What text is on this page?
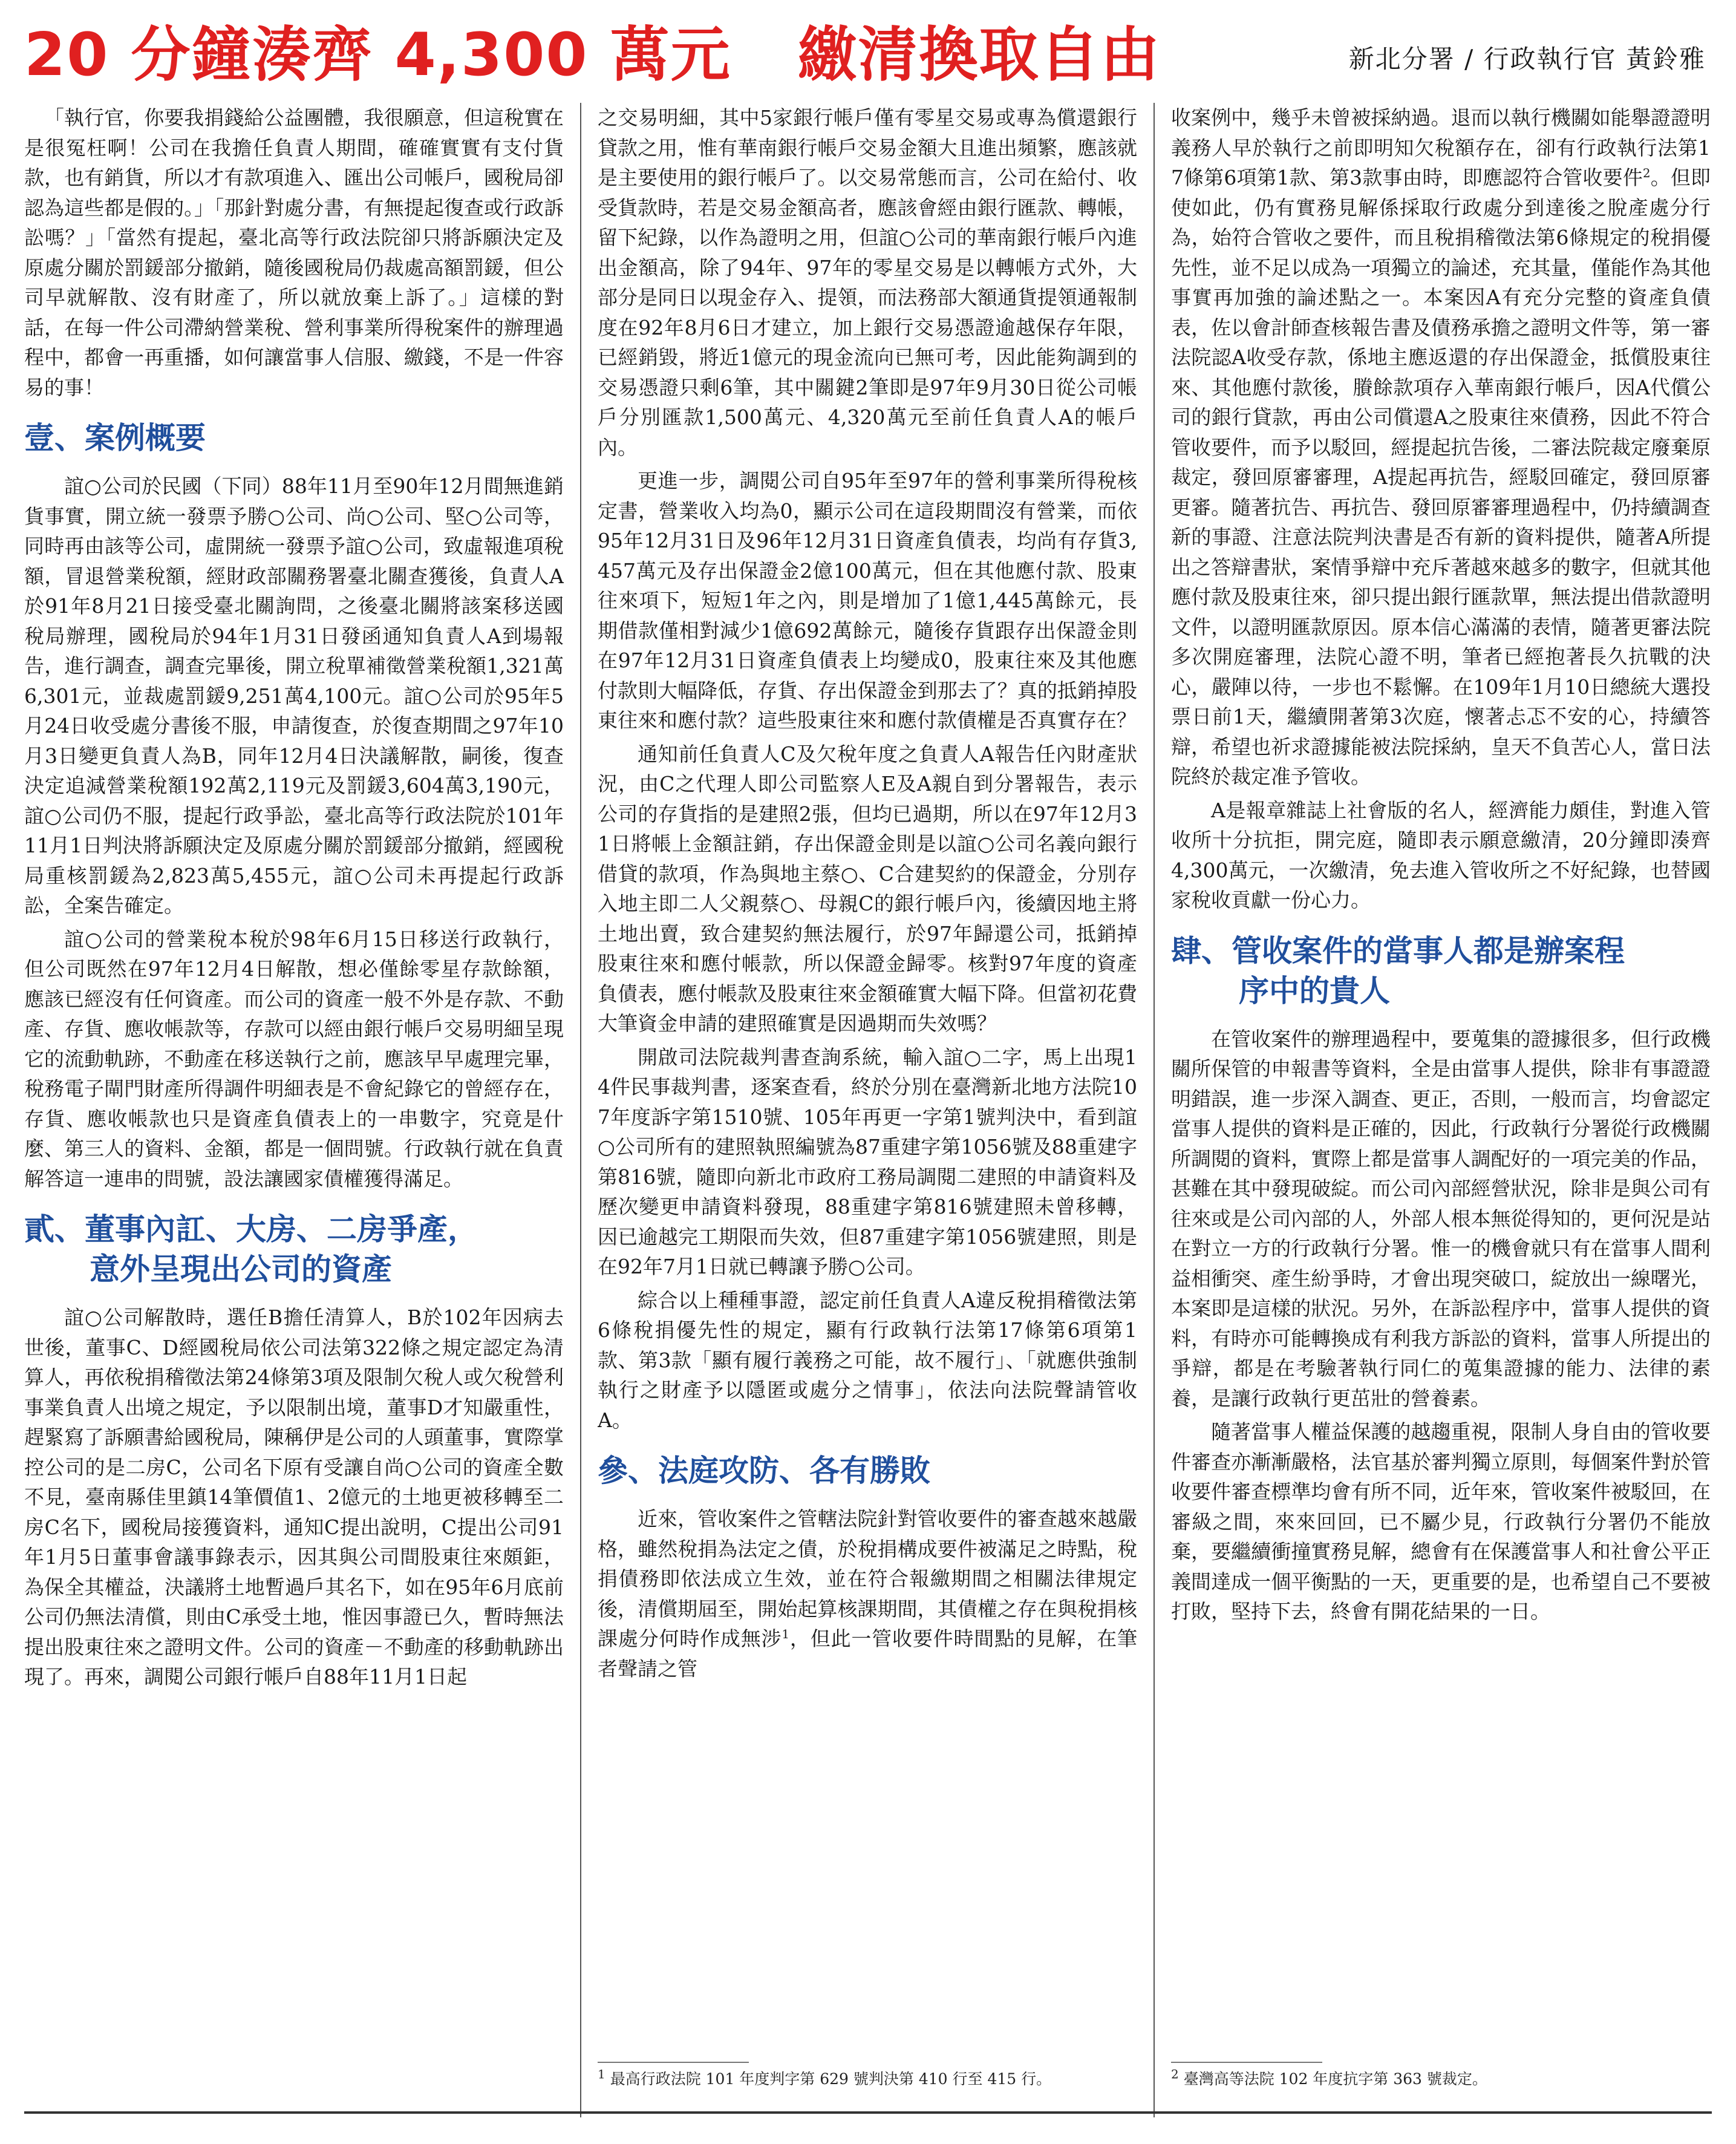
20 分鐘湊齊 4,300 萬元 繳清換取自由	新北分署 / 行政執行官 黃鈴雅

「執行官，你要我捐錢給公益團體，我很願意，但這稅實在是很冤枉啊！公司在我擔任負責人期間，確確實實有支付貨款，也有銷貨，所以才有款項進入、匯出公司帳戶，國稅局卻認為這些都是假的。」「那針對處分書，有無提起復查或行政訴訟嗎？」「當然有提起，臺北高等行政法院卻只將訴願決定及原處分關於罰鍰部分撤銷，隨後國稅局仍裁處高額罰鍰，但公司早就解散、沒有財產了，所以就放棄上訴了。」這樣的對話，在每一件公司滯納營業稅、營利事業所得稅案件的辦理過程中，都會一再重播，如何讓當事人信服、繳錢，不是一件容易的事！

壹、案例概要

誼○公司於民國（下同）88年11月至90年12月間無進銷貨事實，開立統一發票予勝○公司、尚○公司、堅○公司等，同時再由該等公司，虛開統一發票予誼○公司，致虛報進項稅額，冒退營業稅額，經財政部關務署臺北關查獲後，負責人A於91年8月21日接受臺北關詢問，之後臺北關將該案移送國稅局辦理，國稅局於94年1月31日發函通知負責人A到場報告，進行調查，調查完畢後，開立稅單補徵營業稅額1,321萬6,301元，並裁處罰鍰9,251萬4,100元。誼○公司於95年5月24日收受處分書後不服，申請復查，於復查期間之97年10月3日變更負責人為B，同年12月4日決議解散，嗣後，復查決定追減營業稅額192萬2,119元及罰鍰3,604萬3,190元，誼○公司仍不服，提起行政爭訟，臺北高等行政法院於101年11月1日判決將訴願決定及原處分關於罰鍰部分撤銷，經國稅局重核罰鍰為2,823萬5,455元，誼○公司未再提起行政訴訟，全案告確定。

誼○公司的營業稅本稅於98年6月15日移送行政執行，但公司既然在97年12月4日解散，想必僅餘零星存款餘額，應該已經沒有任何資產。而公司的資產一般不外是存款、不動產、存貨、應收帳款等，存款可以經由銀行帳戶交易明細呈現它的流動軌跡，不動產在移送執行之前，應該早早處理完畢，稅務電子閘門財產所得調件明細表是不會紀錄它的曾經存在，存貨、應收帳款也只是資產負債表上的一串數字，究竟是什麼、第三人的資料、金額，都是一個問號。行政執行就在負責解答這一連串的問號，設法讓國家債權獲得滿足。

貳、董事內訌、大房、二房爭產，
意外呈現出公司的資產

誼○公司解散時，選任B擔任清算人，B於102年因病去世後，董事C、D經國稅局依公司法第322條之規定認定為清算人，再依稅捐稽徵法第24條第3項及限制欠稅人或欠稅營利事業負責人出境之規定，予以限制出境，董事D才知嚴重性，趕緊寫了訴願書給國稅局，陳稱伊是公司的人頭董事，實際掌控公司的是二房C，公司名下原有受讓自尚○公司的資產全數不見，臺南縣佳里鎮14筆價值1、2億元的土地更被移轉至二房C名下，國稅局接獲資料，通知C提出說明，C提出公司91年1月5日董事會議事錄表示，因其與公司間股東往來頗鉅，為保全其權益，決議將土地暫過戶其名下，如在95年6月底前公司仍無法清償，則由C承受土地，惟因事證已久，暫時無法提出股東往來之證明文件。公司的資產－不動產的移動軌跡出現了。再來，調閱公司銀行帳戶自88年11月1日起

之交易明細，其中5家銀行帳戶僅有零星交易或專為償還銀行貸款之用，惟有華南銀行帳戶交易金額大且進出頻繁，應該就是主要使用的銀行帳戶了。以交易常態而言，公司在給付、收受貨款時，若是交易金額高者，應該會經由銀行匯款、轉帳，留下紀錄，以作為證明之用，但誼○公司的華南銀行帳戶內進出金額高，除了94年、97年的零星交易是以轉帳方式外，大部分是同日以現金存入、提領，而法務部大額通貨提領通報制度在92年8月6日才建立，加上銀行交易憑證逾越保存年限，已經銷毀，將近1億元的現金流向已無可考，因此能夠調到的交易憑證只剩6筆，其中關鍵2筆即是97年9月30日從公司帳戶分別匯款1,500萬元、4,320萬元至前任負責人A的帳戶內。

更進一步，調閱公司自95年至97年的營利事業所得稅核定書，營業收入均為0，顯示公司在這段期間沒有營業，而依95年12月31日及96年12月31日資產負債表，均尚有存貨3,457萬元及存出保證金2億100萬元，但在其他應付款、股東往來項下，短短1年之內，則是增加了1億1,445萬餘元，長期借款僅相對減少1億692萬餘元，隨後存貨跟存出保證金則在97年12月31日資產負債表上均變成0，股東往來及其他應付款則大幅降低，存貨、存出保證金到那去了？真的抵銷掉股東往來和應付款？這些股東往來和應付款債權是否真實存在？

通知前任負責人C及欠稅年度之負責人A報告任內財產狀況，由C之代理人即公司監察人E及A親自到分署報告，表示公司的存貨指的是建照2張，但均已過期，所以在97年12月31日將帳上金額註銷，存出保證金則是以誼○公司名義向銀行借貸的款項，作為與地主蔡○、C合建契約的保證金，分別存入地主即二人父親蔡○、母親C的銀行帳戶內，後續因地主將土地出賣，致合建契約無法履行，於97年歸還公司，抵銷掉股東往來和應付帳款，所以保證金歸零。核對97年度的資產負債表，應付帳款及股東往來金額確實大幅下降。但當初花費大筆資金申請的建照確實是因過期而失效嗎？

開啟司法院裁判書查詢系統，輸入誼○二字，馬上出現14件民事裁判書，逐案查看，終於分別在臺灣新北地方法院107年度訴字第1510號、105年再更一字第1號判決中，看到誼○公司所有的建照執照編號為87重建字第1056號及88重建字第816號，隨即向新北市政府工務局調閱二建照的申請資料及歷次變更申請資料發現，88重建字第816號建照未曾移轉，因已逾越完工期限而失效，但87重建字第1056號建照，則是在92年7月1日就已轉讓予勝○公司。

綜合以上種種事證，認定前任負責人A違反稅捐稽徵法第6條稅捐優先性的規定，顯有行政執行法第17條第6項第1款、第3款「顯有履行義務之可能，故不履行」、「就應供強制執行之財產予以隱匿或處分之情事」，依法向法院聲請管收A。

參、法庭攻防、各有勝敗

近來，管收案件之管轄法院針對管收要件的審查越來越嚴格，雖然稅捐為法定之債，於稅捐構成要件被滿足之時點，稅捐債務即依法成立生效，並在符合報繳期間之相關法律規定後，清償期屆至，開始起算核課期間，其債權之存在與稅捐核課處分何時作成無涉$^1$，但此一管收要件時間點的見解，在筆者聲請之管

收案例中，幾乎未曾被採納過。退而以執行機關如能舉證證明義務人早於執行之前即明知欠稅額存在，卻有行政執行法第17條第6項第1款、第3款事由時，即應認符合管收要件$^2$。但即使如此，仍有實務見解係採取行政處分到達後之脫產處分行為，始符合管收之要件，而且稅捐稽徵法第6條規定的稅捐優先性，並不足以成為一項獨立的論述，充其量，僅能作為其他事實再加強的論述點之一。本案因A有充分完整的資產負債表，佐以會計師查核報告書及債務承擔之證明文件等，第一審法院認A收受存款，係地主應返還的存出保證金，抵償股東往來、其他應付款後，賸餘款項存入華南銀行帳戶，因A代償公司的銀行貸款，再由公司償還A之股東往來債務，因此不符合管收要件，而予以駁回，經提起抗告後，二審法院裁定廢棄原裁定，發回原審審理，A提起再抗告，經駁回確定，發回原審更審。隨著抗告、再抗告、發回原審審理過程中，仍持續調查新的事證、注意法院判決書是否有新的資料提供，隨著A所提出之答辯書狀，案情爭辯中充斥著越來越多的數字，但就其他應付款及股東往來，卻只提出銀行匯款單，無法提出借款證明文件，以證明匯款原因。原本信心滿滿的表情，隨著更審法院多次開庭審理，法院心證不明，筆者已經抱著長久抗戰的決心，嚴陣以待，一步也不鬆懈。在109年1月10日總統大選投票日前1天，繼續開著第3次庭，懷著忐忑不安的心，持續答辯，希望也祈求證據能被法院採納，皇天不負苦心人，當日法院終於裁定准予管收。

A是報章雜誌上社會版的名人，經濟能力頗佳，對進入管收所十分抗拒，開完庭，隨即表示願意繳清，20分鐘即湊齊4,300萬元，一次繳清，免去進入管收所之不好紀錄，也替國家稅收貢獻一份心力。

肆、管收案件的當事人都是辦案程
序中的貴人

在管收案件的辦理過程中，要蒐集的證據很多，但行政機關所保管的申報書等資料，全是由當事人提供，除非有事證證明錯誤，進一步深入調查、更正，否則，一般而言，均會認定當事人提供的資料是正確的，因此，行政執行分署從行政機關所調閱的資料，實際上都是當事人調配好的一項完美的作品，甚難在其中發現破綻。而公司內部經營狀況，除非是與公司有往來或是公司內部的人，外部人根本無從得知的，更何況是站在對立一方的行政執行分署。惟一的機會就只有在當事人間利益相衝突、產生紛爭時，才會出現突破口，綻放出一線曙光，本案即是這樣的狀況。另外，在訴訟程序中，當事人提供的資料，有時亦可能轉換成有利我方訴訟的資料，當事人所提出的爭辯，都是在考驗著執行同仁的蒐集證據的能力、法律的素養，是讓行政執行更茁壯的營養素。

隨著當事人權益保護的越趨重視，限制人身自由的管收要件審查亦漸漸嚴格，法官基於審判獨立原則，每個案件對於管收要件審查標準均會有所不同，近年來，管收案件被駁回，在審級之間，來來回回，已不屬少見，行政執行分署仍不能放棄，要繼續衝撞實務見解，總會有在保護當事人和社會公平正義間達成一個平衡點的一天，更重要的是，也希望自己不要被打敗，堅持下去，終會有開花結果的一日。

$^1$ 最高行政法院 101 年度判字第 629 號判決第 410 行至 415 行。	$^2$ 臺灣高等法院 102 年度抗字第 363 號裁定。
